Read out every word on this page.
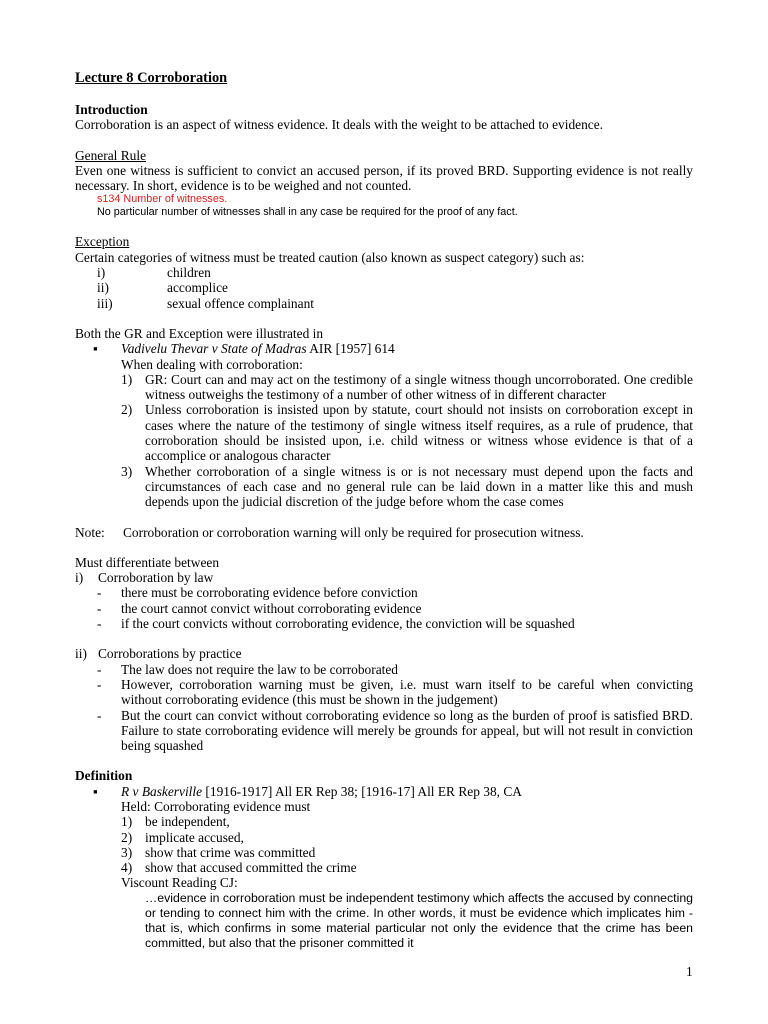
Lecture 8 Corroboration

Introduction

Corroboration is an aspect of witness evidence. It deals with the weight to be attached to evidence.

General Rule

Even one witness is sufficient to convict an accused person, if its proved BRD. Supporting evidence is not really necessary. In short, evidence is to be weighed and not counted.

s134 Number of witnesses.

No particular number of witnesses shall in any case be required for the proof of any fact.

Exception

Certain categories of witness must be treated caution (also known as suspect category) such as:

i)	children
ii)	accomplice
iii)	sexual offence complainant

Both the GR and Exception were illustrated in

▪	Vadivelu Thevar v State of Madras AIR [1957] 614

When dealing with corroboration:

1) GR: Court can and may act on the testimony of a single witness though uncorroborated. One credible witness outweighs the testimony of a number of other witness of in different character
2) Unless corroboration is insisted upon by statute, court should not insists on corroboration except in cases where the nature of the testimony of single witness itself requires, as a rule of prudence, that corroboration should be insisted upon, i.e. child witness or witness whose evidence is that of a accomplice or analogous character
3) Whether corroboration of a single witness is or is not necessary must depend upon the facts and circumstances of each case and no general rule can be laid down in a matter like this and mush depends upon the judicial discretion of the judge before whom the case comes
Note:	Corroboration or corroboration warning will only be required for prosecution witness.

Must differentiate between

i)	Corroboration by law
-	there must be corroborating evidence before conviction
-	the court cannot convict without corroborating evidence
-	if the court convicts without corroborating evidence, the conviction will be squashed
ii) Corroborations by practice
-	The law does not require the law to be corroborated
-	However, corroboration warning must be given, i.e. must warn itself to be careful when convicting without corroborating evidence (this must be shown in the judgement)
-	But the court can convict without corroborating evidence so long as the burden of proof is satisfied BRD. Failure to state corroborating evidence will merely be grounds for appeal, but will not result in conviction being squashed

Definition

▪	R v Baskerville [1916-1917] All ER Rep 38; [1916-17] All ER Rep 38, CA

Held: Corroborating evidence must

1) be independent,
2) implicate accused,
3) show that crime was committed
4) show that accused committed the crime

Viscount Reading CJ:

…evidence in corroboration must be independent testimony which affects the accused by connecting or tending to connect him with the crime. In other words, it must be evidence which implicates him - that is, which confirms in some material particular not only the evidence that the crime has been committed, but also that the prisoner committed it

1
